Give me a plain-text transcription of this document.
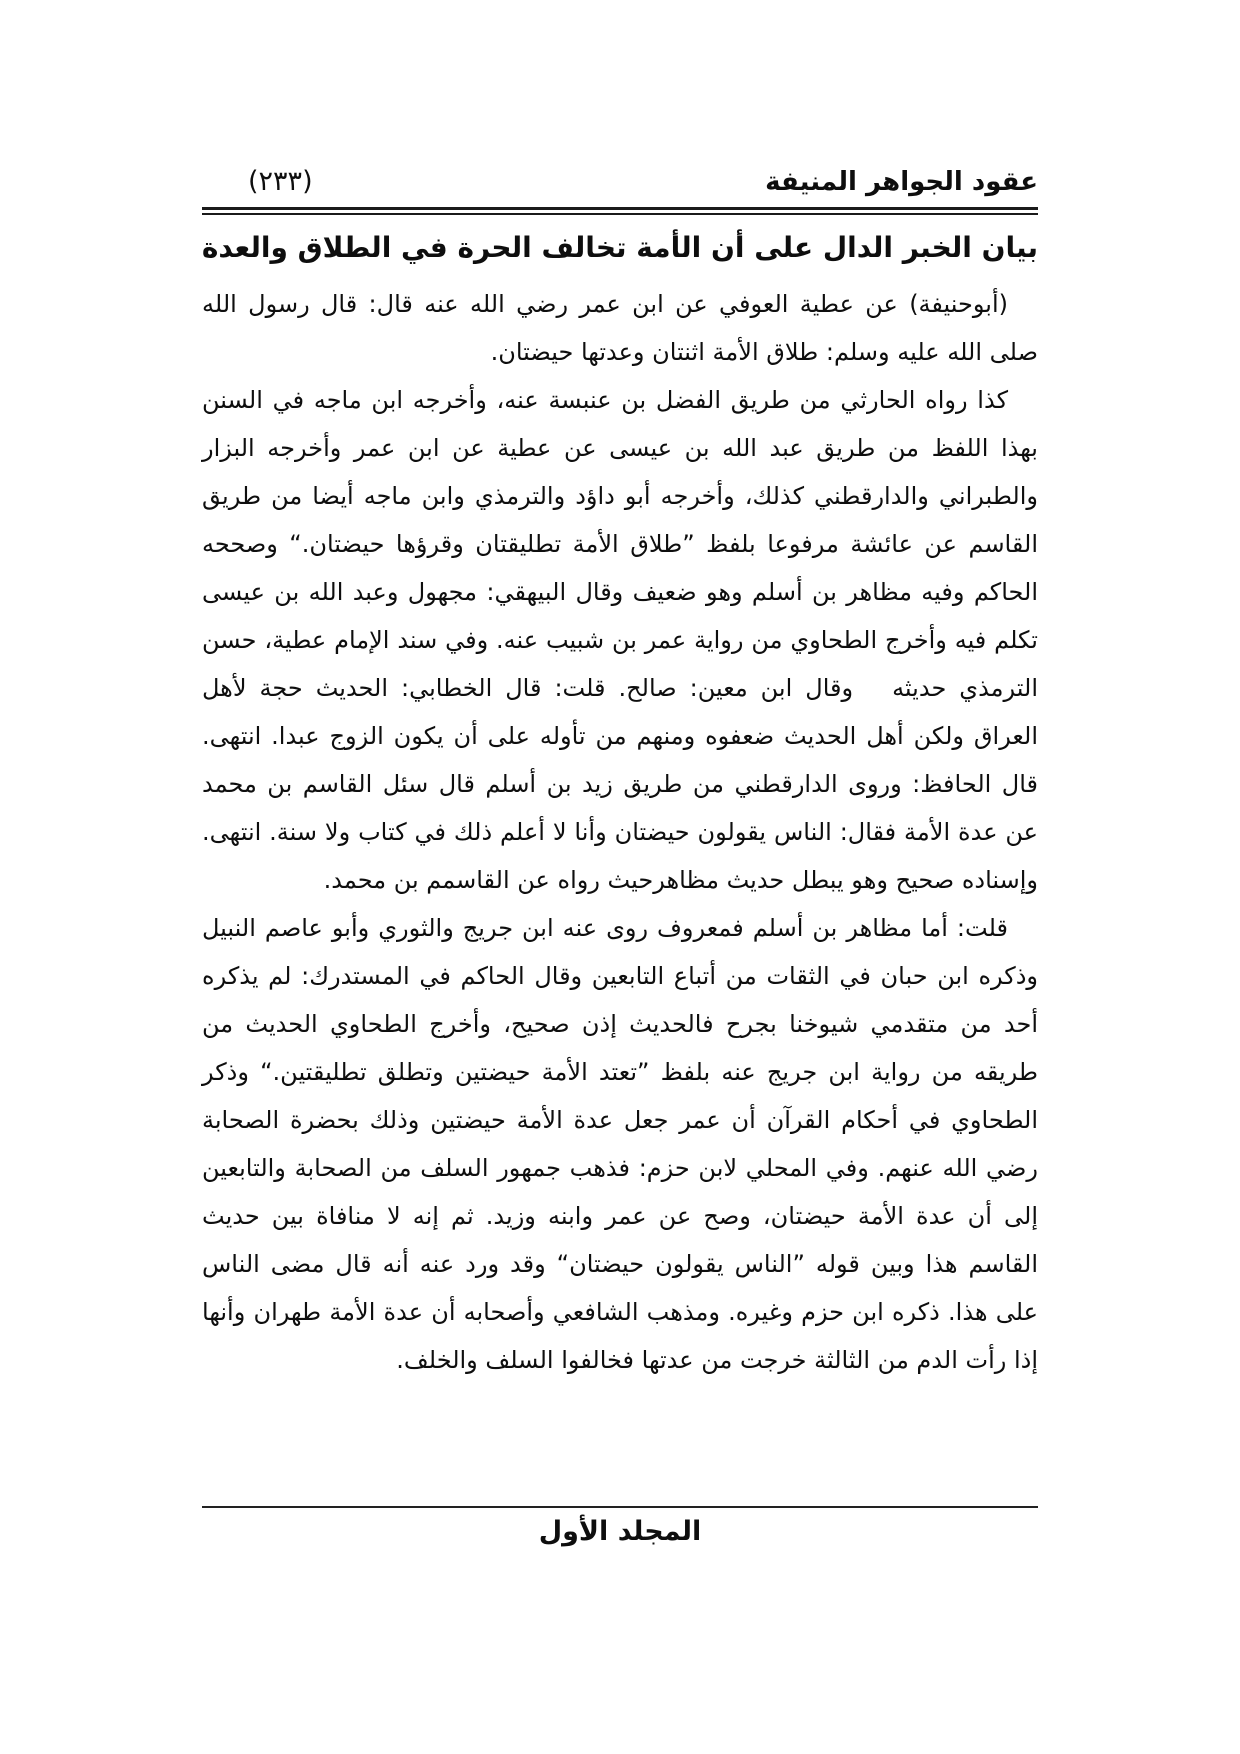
عقود الجواهر المنيفة
(٢٣٣)
بيان الخبر الدال على أن الأمة تخالف الحرة في الطلاق والعدة

(أبوحنيفة) عن عطية العوفي عن ابن عمر رضي الله عنه قال: قال رسول الله صلى الله عليه وسلم: طلاق الأمة اثنتان وعدتها حيضتان.

كذا رواه الحارثي من طريق الفضل بن عنبسة عنه، وأخرجه ابن ماجه في السنن بهذا اللفظ من طريق عبد الله بن عيسى عن عطية عن ابن عمر وأخرجه البزار والطبراني والدارقطني كذلك، وأخرجه أبو داؤد والترمذي وابن ماجه أيضا من طريق القاسم عن عائشة مرفوعا بلفظ ”طلاق الأمة تطليقتان وقرؤها حيضتان.“ وصححه الحاكم وفيه مظاهر بن أسلم وهو ضعيف وقال البيهقي: مجهول وعبد الله بن عيسى تكلم فيه وأخرج الطحاوي من رواية عمر بن شبيب عنه. وفي سند الإمام عطية، حسن الترمذي حديثه   وقال ابن معين: صالح. قلت: قال الخطابي: الحديث حجة لأهل العراق ولكن أهل الحديث ضعفوه ومنهم من تأوله على أن يكون الزوج عبدا. انتهى. قال الحافظ: وروى الدارقطني من طريق زيد بن أسلم قال سئل القاسم بن محمد عن عدة الأمة فقال: الناس يقولون حيضتان وأنا لا أعلم ذلك في كتاب ولا سنة. انتهى. وإسناده صحيح وهو يبطل حديث مظاهرحيث رواه عن القاسمم بن محمد.

قلت: أما مظاهر بن أسلم فمعروف روى عنه ابن جريج والثوري وأبو عاصم النبيل وذكره ابن حبان في الثقات من أتباع التابعين وقال الحاكم في المستدرك: لم يذكره أحد من متقدمي شيوخنا بجرح فالحديث إذن صحيح، وأخرج الطحاوي الحديث من طريقه من رواية ابن جريج عنه بلفظ ”تعتد الأمة حيضتين وتطلق تطليقتين.“ وذكر الطحاوي في أحكام القرآن أن عمر جعل عدة الأمة حيضتين وذلك بحضرة الصحابة رضي الله عنهم. وفي المحلي لابن حزم: فذهب جمهور السلف من الصحابة والتابعين إلى أن عدة الأمة حيضتان، وصح عن عمر وابنه وزيد. ثم إنه لا منافاة بين حديث القاسم هذا وبين قوله ”الناس يقولون حيضتان“ وقد ورد عنه أنه قال مضى الناس على هذا. ذكره ابن حزم وغيره. ومذهب الشافعي وأصحابه أن عدة الأمة طهران وأنها إذا رأت الدم من الثالثة خرجت من عدتها فخالفوا السلف والخلف.

المجلد الأول
